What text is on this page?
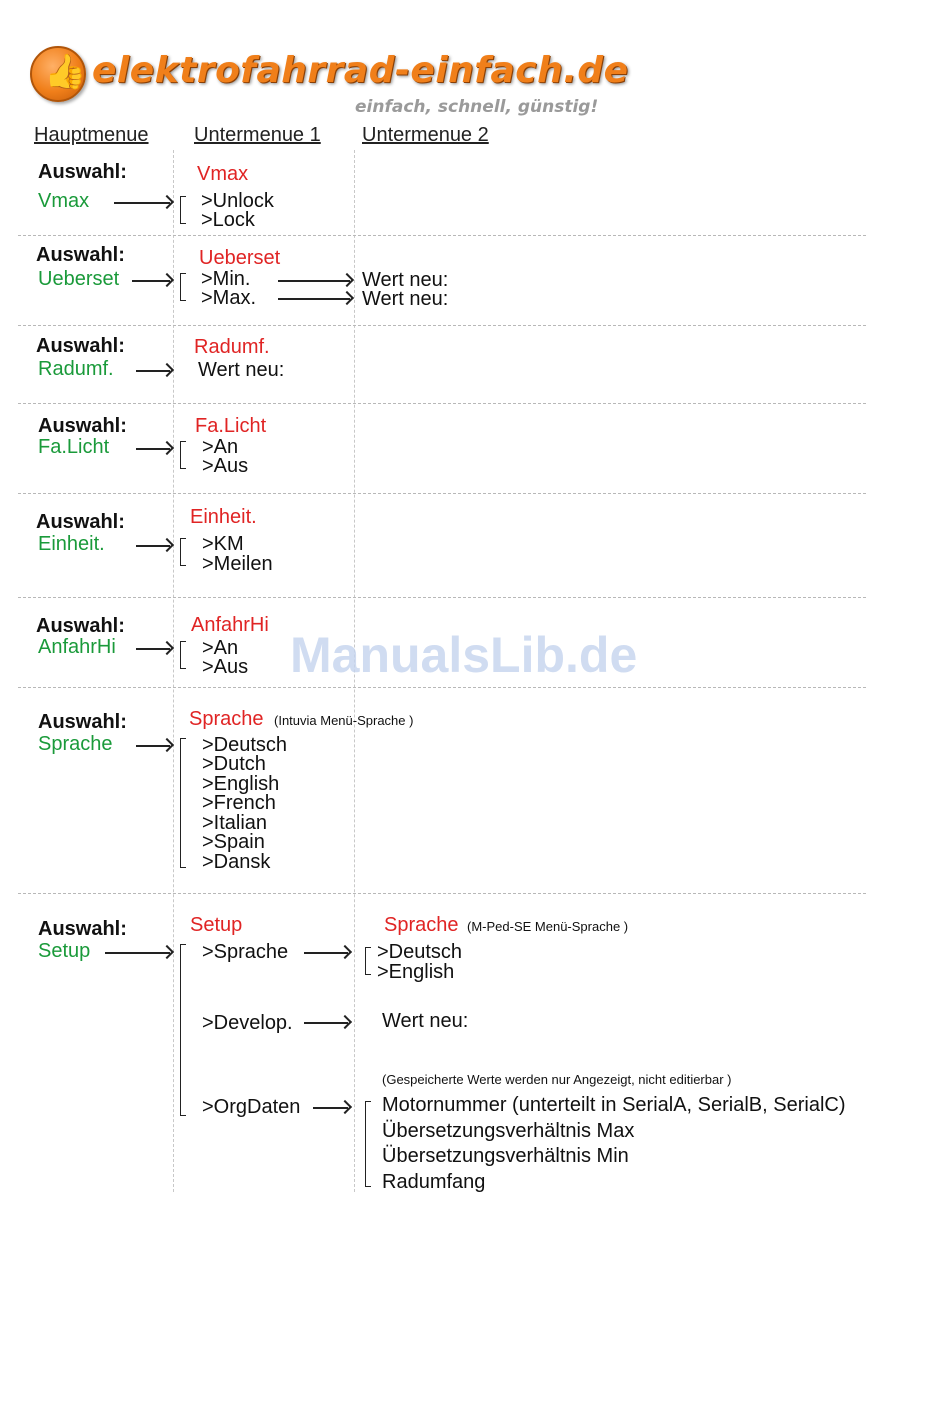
👍 elektrofahrrad-einfach.de
einfach, schnell, günstig!
Hauptmenue Untermenue 1 Untermenue 2
Auswahl:
Vmax
Vmax
>Unlock
>Lock
Auswahl:
Ueberset
Ueberset
>Min.
>Max.
Wert neu:
Wert neu:
Auswahl:
Radumf.
Radumf.
Wert neu:
Auswahl:
Fa.Licht
Fa.Licht
>An
>Aus
Auswahl:
Einheit.
Einheit.
>KM
>Meilen
Auswahl:
AnfahrHi
AnfahrHi
>An
>Aus ManualsLib.de
Auswahl:
Sprache
Sprache (Intuvia Menü-Sprache )
>Deutsch
>Dutch
>English
>French
>Italian
>Spain
>Dansk
Auswahl:
Setup
Setup
>Sprache
>Develop.
>OrgDaten
Sprache (M-Ped-SE Menü-Sprache )
>Deutsch
>English
Wert neu:
(Gespeicherte Werte werden nur Angezeigt, nicht editierbar )
Motornummer (unterteilt in SerialA, SerialB, SerialC)
Übersetzungsverhältnis Max
Übersetzungsverhältnis Min
Radumfang
